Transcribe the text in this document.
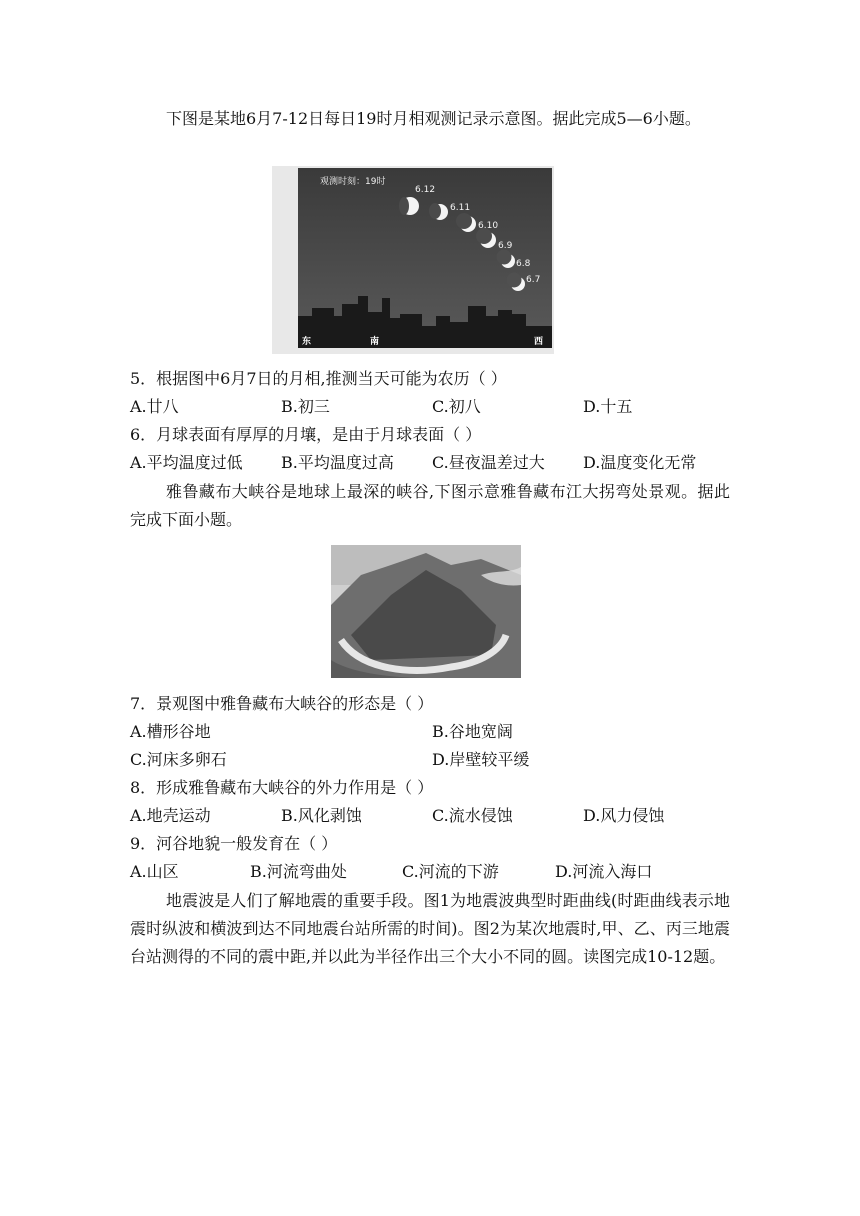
下图是某地6月7-12日每日19时月相观测记录示意图。据此完成5—6小题。
观测时刻：19时
6.12
6.11
6.10
6.9
6.8
6.7
东	南	西
5．根据图中6月7日的月相,推测当天可能为农历（ ）
A.廿八	B.初三	C.初八	D.十五
6．月球表面有厚厚的月壤，是由于月球表面（ ）
A.平均温度过低 B.平均温度过高 C.昼夜温差过大 D.温度变化无常
雅鲁藏布大峡谷是地球上最深的峡谷,下图示意雅鲁藏布江大拐弯处景观。据此完成下面小题。
7．景观图中雅鲁藏布大峡谷的形态是（ ）
A.槽形谷地	B.谷地宽阔
C.河床多卵石	D.岸壁较平缓
8．形成雅鲁藏布大峡谷的外力作用是（ ）
A.地壳运动	B.风化剥蚀	C.流水侵蚀	D.风力侵蚀
9．河谷地貌一般发育在（ ）
A.山区	B.河流弯曲处	C.河流的下游	D.河流入海口
地震波是人们了解地震的重要手段。图1为地震波典型时距曲线(时距曲线表示地震时纵波和横波到达不同地震台站所需的时间)。图2为某次地震时,甲、乙、丙三地震台站测得的不同的震中距,并以此为半径作出三个大小不同的圆。读图完成10-12题。
